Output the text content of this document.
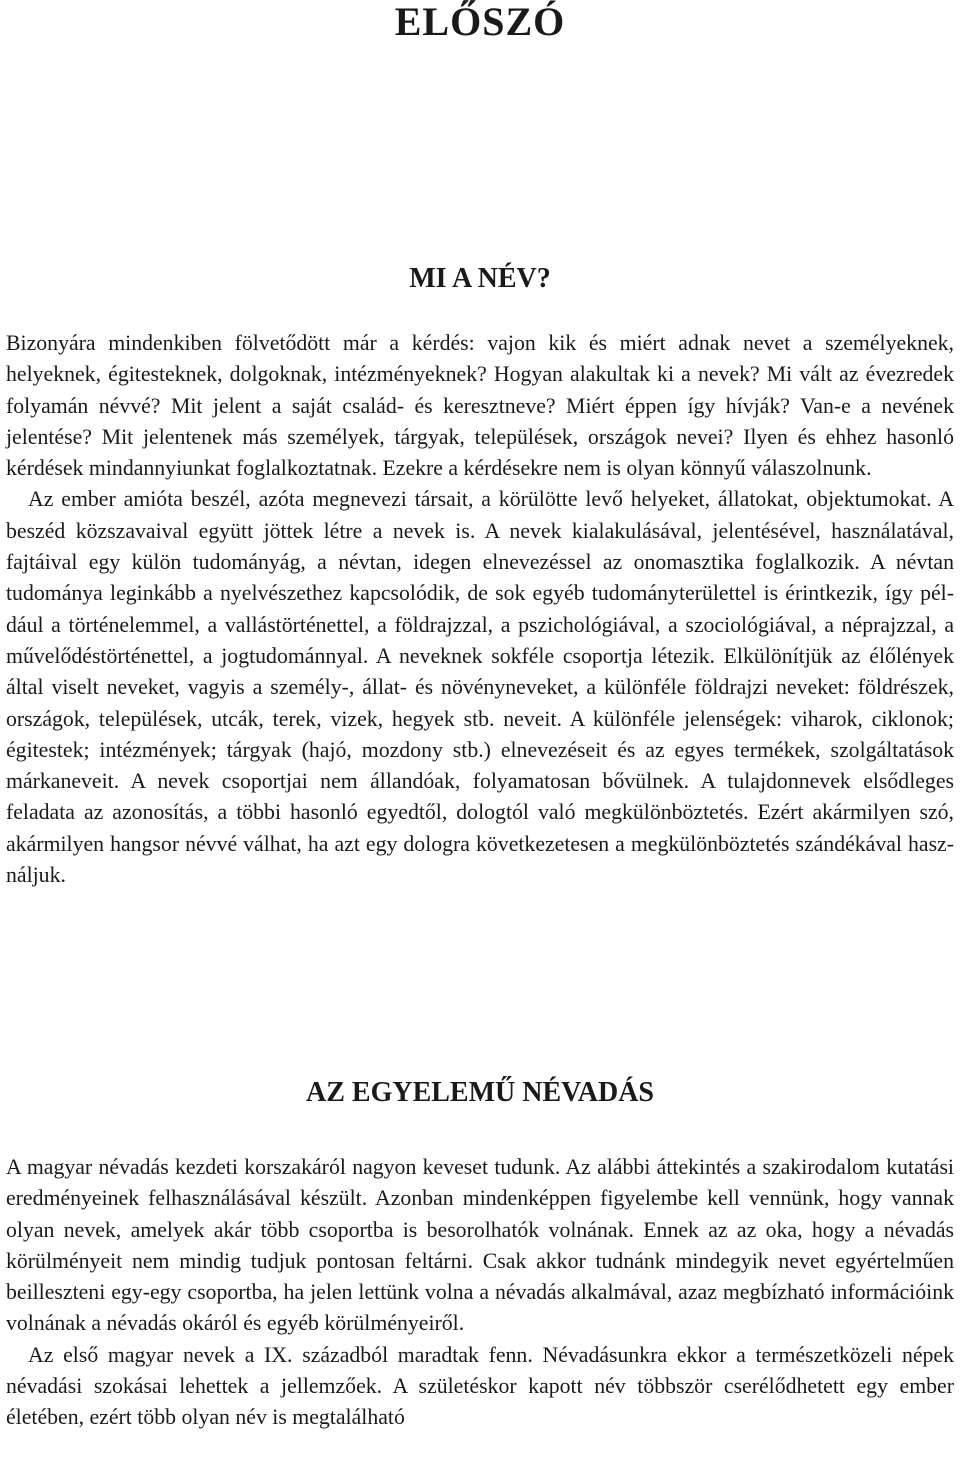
ELŐSZÓ
MI A NÉV?

Bizonyára mindenkiben fölvetődött már a kérdés: vajon kik és miért adnak nevet a személyeknek, helyeknek, égitesteknek, dolgoknak, intézményeknek? Hogyan alakultak ki a nevek? Mi vált az évezredek folyamán névvé? Mit jelent a saját család- és keresztneve? Miért éppen így hívják? Van-e a nevének jelentése? Mit jelentenek más személyek, tárgyak, települések, országok nevei? Ilyen és ehhez hasonló kérdések mindannyiunkat foglalkoztatnak. Ezekre a kérdésekre nem is olyan könnyű válaszolnunk.

Az ember amióta beszél, azóta megnevezi társait, a körülötte levő helyeket, állatokat, objektumokat. A beszéd közszavaival együtt jöttek létre a nevek is. A nevek kialakulásával, jelentésével, használatával, fajtáival egy külön tudományág, a névtan, idegen elnevezéssel az onomasztika foglalkozik. A névtan tudománya leginkább a nyelvészethez kapcsolódik, de sok egyéb tudományterülettel is érintkezik, így például a történelemmel, a vallástörténettel, a földrajzzal, a pszichológiával, a szociológiával, a néprajzzal, a művelődéstörténettel, a jogtudománnyal. A neveknek sokféle csoportja létezik. Elkülönítjük az élőlények által viselt neveket, vagyis a személy-, állat- és növényneveket, a különféle földrajzi neveket: földrészek, országok, települések, utcák, terek, vizek, hegyek stb. neveit. A különféle jelenségek: viharok, ciklonok; égitestek; intézmények; tárgyak (hajó, mozdony stb.) elnevezéseit és az egyes termékek, szolgáltatások márkaneveit. A nevek csoportjai nem állandóak, folyamatosan bővülnek. A tulajdonnevek elsődleges feladata az azonosítás, a többi hasonló egyedtől, dologtól való megkülönböztetés. Ezért akármilyen szó, akármilyen hangsor névvé válhat, ha azt egy dologra következetesen a megkülönböztetés szándékával használjuk.

AZ EGYELEMŰ NÉVADÁS

A magyar névadás kezdeti korszakáról nagyon keveset tudunk. Az alábbi áttekintés a szakirodalom kutatási eredményeinek felhasználásával készült. Azonban mindenképpen figyelembe kell vennünk, hogy vannak olyan nevek, amelyek akár több csoportba is besorolhatók volnának. Ennek az az oka, hogy a névadás körülményeit nem mindig tudjuk pontosan feltárni. Csak akkor tudnánk mindegyik nevet egyértelműen beilleszteni egy-egy csoportba, ha jelen lettünk volna a névadás alkalmával, azaz megbízható információink volnának a névadás okáról és egyéb körülményeiről.

Az első magyar nevek a IX. századból maradtak fenn. Névadásunkra ekkor a természetközeli népek névadási szokásai lehettek a jellemzőek. A születéskor kapott név többször cserélődhetett egy ember életében, ezért több olyan név is megtalálható
